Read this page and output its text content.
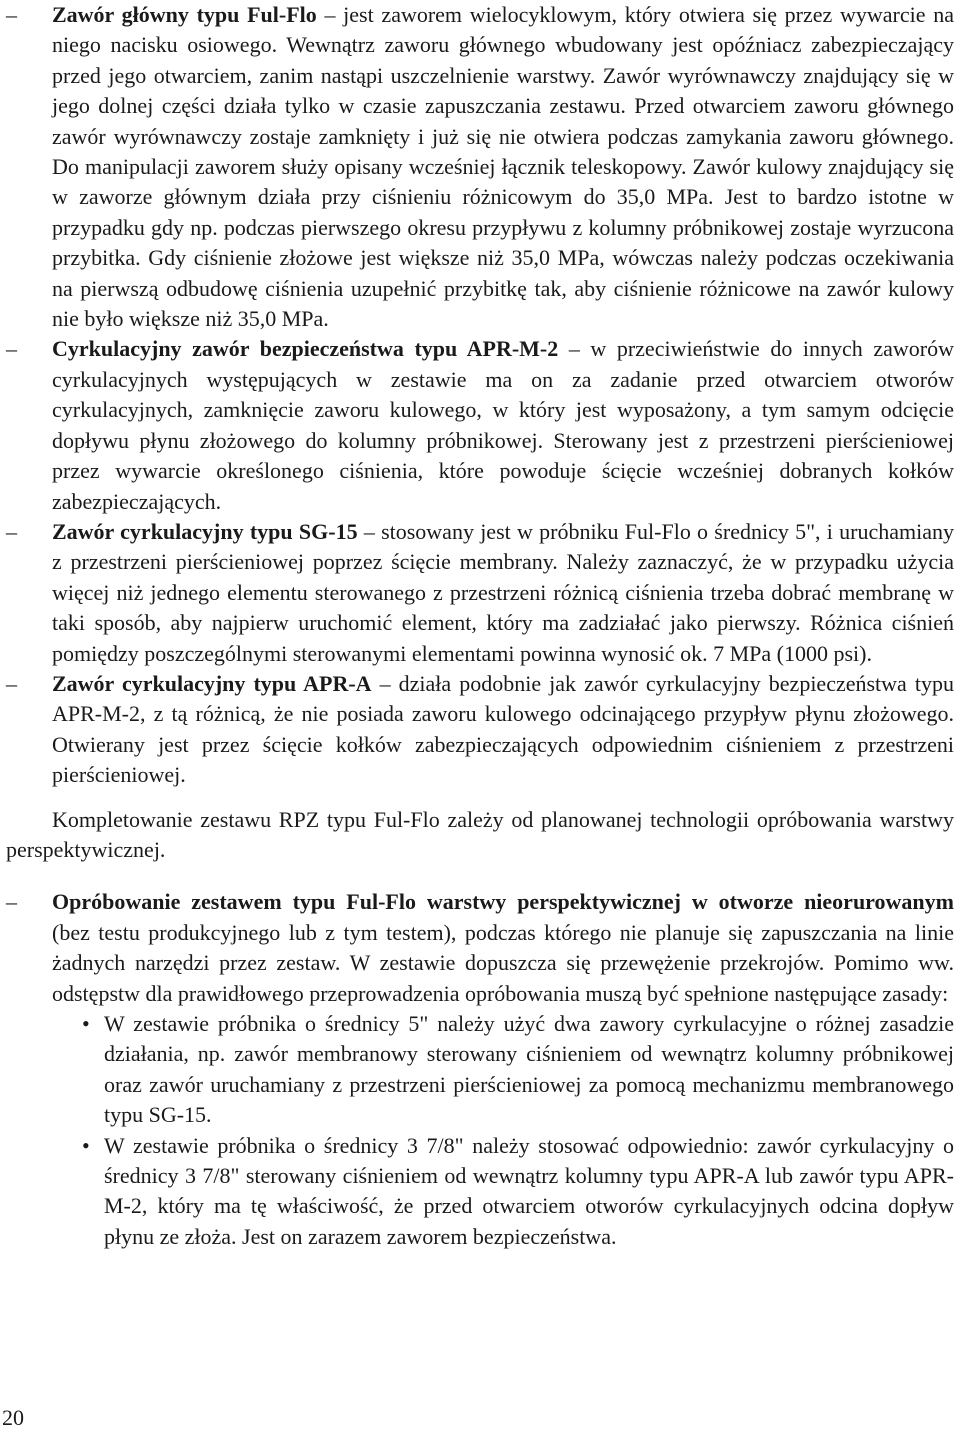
–	Zawór główny typu Ful-Flo – jest zaworem wielocyklowym, który otwiera się przez wywarcie na niego nacisku osiowego. Wewnątrz zaworu głównego wbudowany jest opóźniacz zabezpieczający przed jego otwarciem, zanim nastąpi uszczelnienie warstwy. Zawór wyrównawczy znajdujący się w jego dolnej części działa tylko w czasie zapuszczania zestawu. Przed otwarciem zaworu głównego zawór wyrównawczy zostaje zamknięty i już się nie otwiera podczas zamykania zaworu głównego. Do manipulacji zaworem służy opisany wcześniej łącznik teleskopowy. Zawór kulowy znajdujący się w zaworze głównym działa przy ciśnieniu różnicowym do 35,0 MPa. Jest to bardzo istotne w przypadku gdy np. podczas pierwszego okresu przypływu z kolumny próbnikowej zostaje wyrzucona przybitka. Gdy ciśnienie złożowe jest większe niż 35,0 MPa, wówczas należy podczas oczekiwania na pierwszą odbudowę ciśnienia uzupełnić przybitkę tak, aby ciśnienie różnicowe na zawór kulowy nie było większe niż 35,0 MPa.
–	Cyrkulacyjny zawór bezpieczeństwa typu APR-M-2 – w przeciwieństwie do innych zaworów cyrkulacyjnych występujących w zestawie ma on za zadanie przed otwarciem otworów cyrkulacyjnych, zamknięcie zaworu kulowego, w który jest wyposażony, a tym samym odcięcie dopływu płynu złożowego do kolumny próbnikowej. Sterowany jest z przestrzeni pierścieniowej przez wywarcie określonego ciśnienia, które powoduje ścięcie wcześniej dobranych kołków zabezpieczających.
–	Zawór cyrkulacyjny typu SG-15 – stosowany jest w próbniku Ful-Flo o średnicy 5", i uruchamiany z przestrzeni pierścieniowej poprzez ścięcie membrany. Należy zaznaczyć, że w przypadku użycia więcej niż jednego elementu sterowanego z przestrzeni różnicą ciśnienia trzeba dobrać membranę w taki sposób, aby najpierw uruchomić element, który ma zadziałać jako pierwszy. Różnica ciśnień pomiędzy poszczególnymi sterowanymi elementami powinna wynosić ok. 7 MPa (1000 psi).
–	Zawór cyrkulacyjny typu APR-A – działa podobnie jak zawór cyrkulacyjny bezpieczeństwa typu APR-M-2, z tą różnicą, że nie posiada zaworu kulowego odcinającego przypływ płynu złożowego. Otwierany jest przez ścięcie kołków zabezpieczających odpowiednim ciśnieniem z przestrzeni pierścieniowej.

Kompletowanie zestawu RPZ typu Ful-Flo zależy od planowanej technologii opróbowania warstwy perspektywicznej.

–	Opróbowanie zestawem typu Ful-Flo warstwy perspektywicznej w otworze nieorurowanym (bez testu produkcyjnego lub z tym testem), podczas którego nie planuje się zapuszczania na linie żadnych narzędzi przez zestaw. W zestawie dopuszcza się przewężenie przekrojów. Pomimo ww. odstępstw dla prawidłowego przeprowadzenia opróbowania muszą być spełnione następujące zasady:
• W zestawie próbnika o średnicy 5" należy użyć dwa zawory cyrkulacyjne o różnej zasadzie działania, np. zawór membranowy sterowany ciśnieniem od wewnątrz kolumny próbnikowej oraz zawór uruchamiany z przestrzeni pierścieniowej za pomocą mechanizmu membranowego typu SG-15.
• W zestawie próbnika o średnicy 3 7/8" należy stosować odpowiednio: zawór cyrkulacyjny o średnicy 3 7/8" sterowany ciśnieniem od wewnątrz kolumny typu APR-A lub zawór typu APR-M-2, który ma tę właściwość, że przed otwarciem otworów cyrkulacyjnych odcina dopływ płynu ze złoża. Jest on zarazem zaworem bezpieczeństwa.
20
